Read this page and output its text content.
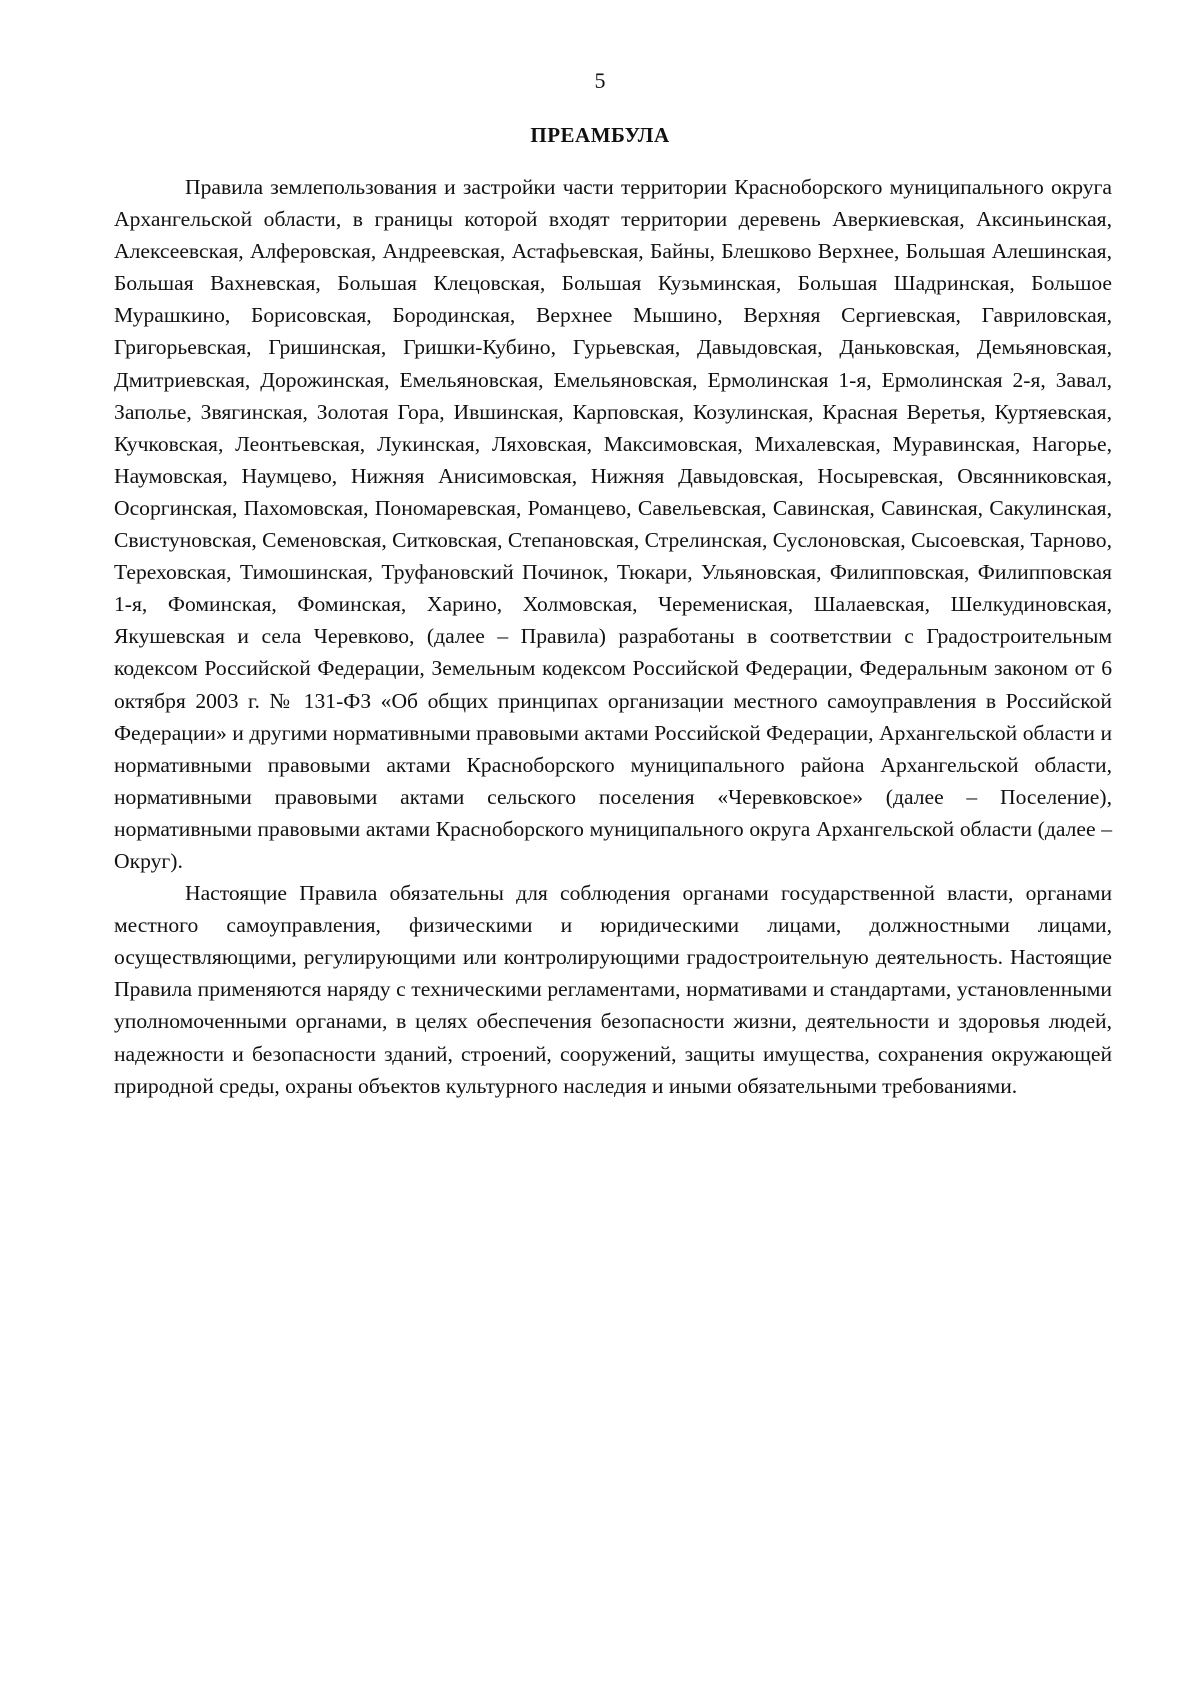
5
ПРЕАМБУЛА

Правила землепользования и застройки части территории Красноборского муниципального округа Архангельской области, в границы которой входят территории деревень Аверкиевская, Аксиньинская, Алексеевская, Алферовская, Андреевская, Астафьевская, Байны, Блешково Верхнее, Большая Алешинская, Большая Вахневская, Большая Клецовская, Большая Кузьминская, Большая Шадринская, Большое Мурашкино, Борисовская, Бородинская, Верхнее Мышино, Верхняя Сергиевская, Гавриловская, Григорьевская, Гришинская, Гришки-Кубино, Гурьевская, Давыдовская, Даньковская, Демьяновская, Дмитриевская, Дорожинская, Емельяновская, Емельяновская, Ермолинская 1-я, Ермолинская 2-я, Завал, Заполье, Звягинская, Золотая Гора, Ившинская, Карповская, Козулинская, Красная Веретья, Куртяевская, Кучковская, Леонтьевская, Лукинская, Ляховская, Максимовская, Михалевская, Муравинская, Нагорье, Наумовская, Наумцево, Нижняя Анисимовская, Нижняя Давыдовская, Носыревская, Овсянниковская, Осоргинская, Пахомовская, Пономаревская, Романцево, Савельевская, Савинская, Савинская, Сакулинская, Свистуновская, Семеновская, Ситковская, Степановская, Стрелинская, Суслоновская, Сысоевская, Тарново, Тереховская, Тимошинская, Труфановский Починок, Тюкари, Ульяновская, Филипповская, Филипповская 1-я, Фоминская, Фоминская, Харино, Холмовская, Черемениская, Шалаевская, Шелкудиновская, Якушевская и села Черевково, (далее – Правила) разработаны в соответствии с Градостроительным кодексом Российской Федерации, Земельным кодексом Российской Федерации, Федеральным законом от 6 октября 2003 г. № 131-ФЗ «Об общих принципах организации местного самоуправления в Российской Федерации» и другими нормативными правовыми актами Российской Федерации, Архангельской области и нормативными правовыми актами Красноборского муниципального района Архангельской области, нормативными правовыми актами сельского поселения «Черевковское» (далее – Поселение), нормативными правовыми актами Красноборского муниципального округа Архангельской области (далее – Округ).

Настоящие Правила обязательны для соблюдения органами государственной власти, органами местного самоуправления, физическими и юридическими лицами, должностными лицами, осуществляющими, регулирующими или контролирующими градостроительную деятельность. Настоящие Правила применяются наряду с техническими регламентами, нормативами и стандартами, установленными уполномоченными органами, в целях обеспечения безопасности жизни, деятельности и здоровья людей, надежности и безопасности зданий, строений, сооружений, защиты имущества, сохранения окружающей природной среды, охраны объектов культурного наследия и иными обязательными требованиями.
